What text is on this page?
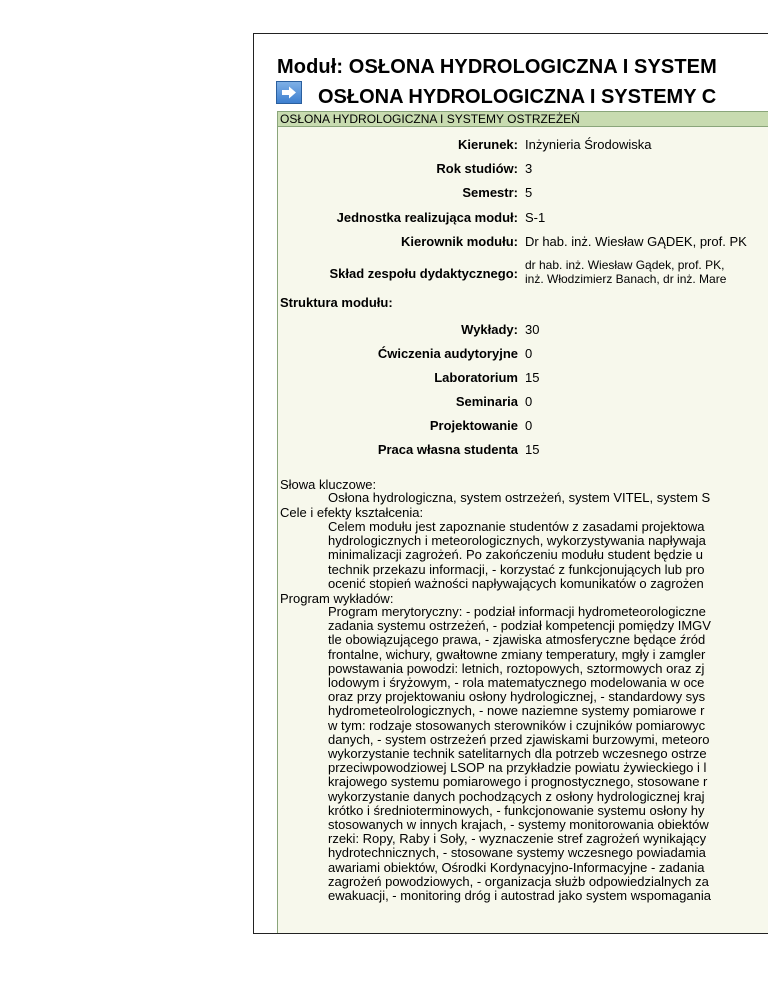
Moduł: OSŁONA HYDROLOGICZNA I SYSTEM
OSŁONA HYDROLOGICZNA I SYSTEMY C
OSŁONA HYDROLOGICZNA I SYSTEMY OSTRZEŻEŃ
Kierunek: Inżynieria Środowiska
Rok studiów: 3
Semestr: 5
Jednostka realizująca moduł: S-1
Kierownik modułu: Dr hab. inż. Wiesław GĄDEK, prof. PK
Skład zespołu dydaktycznego:
dr hab. inż. Wiesław Gądek, prof. PK,
inż. Włodzimierz Banach, dr inż. Mare
Struktura modułu:
Wykłady: 30
Ćwiczenia audytoryjne 0
Laboratorium 15
Seminaria 0
Projektowanie 0
Praca własna studenta 15
Słowa kluczowe:
Osłona hydrologiczna, system ostrzeżeń, system VITEL, system S
Cele i efekty kształcenia:
Celem modułu jest zapoznanie studentów z zasadami projektowa
hydrologicznych i meteorologicznych, wykorzystywania napływaja
minimalizacji zagrożeń. Po zakończeniu modułu student będzie u
technik przekazu informacji, - korzystać z funkcjonujących lub pro
ocenić stopień ważności napływających komunikatów o zagrożen
Program wykładów:
Program merytoryczny: - podział informacji hydrometeorologiczne
zadania systemu ostrzeżeń, - podział kompetencji pomiędzy IMGV
tle obowiązującego prawa, - zjawiska atmosferyczne będące źród
frontalne, wichury, gwałtowne zmiany temperatury, mgły i zamgler
powstawania powodzi: letnich, roztopowych, sztormowych oraz zj
lodowym i śryżowym, - rola matematycznego modelowania w oce
oraz przy projektowaniu osłony hydrologicznej, - standardowy sys
hydrometeolrologicznych, - nowe naziemne systemy pomiarowe r
w tym: rodzaje stosowanych sterowników i czujników pomiarowyc
danych, - system ostrzeżeń przed zjawiskami burzowymi, meteoro
wykorzystanie technik satelitarnych dla potrzeb wczesnego ostrze
przeciwpowodziowej LSOP na przykładzie powiatu żywieckiego i l
krajowego systemu pomiarowego i prognostycznego, stosowane r
wykorzystanie danych pochodzących z osłony hydrologicznej kraj
krótko i średnioterminowych, - funkcjonowanie systemu osłony hy
stosowanych w innych krajach, - systemy monitorowania obiektów
rzeki: Ropy, Raby i Soły, - wyznaczenie stref zagrożeń wynikający
hydrotechnicznych, - stosowane systemy wczesnego powiadamia
awariami obiektów, Ośrodki Kordynacyjno-Informacyjne - zadania
zagrożeń powodziowych, - organizacja służb odpowiedzialnych za
ewakuacji, - monitoring dróg i autostrad jako system wspomagania
